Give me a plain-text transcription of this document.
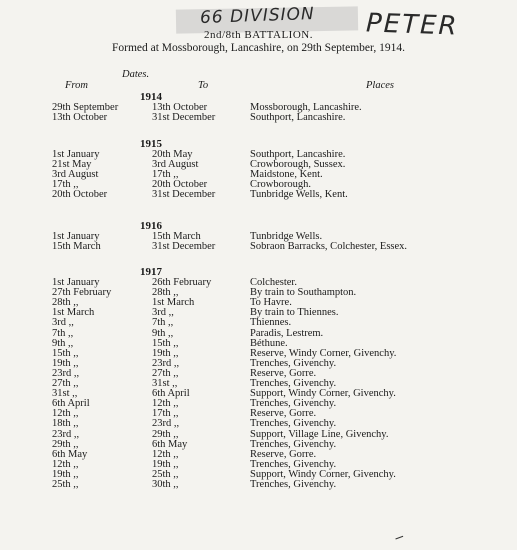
66 DIVISION PETER
2nd/8th BATTALION.
Formed at Mossborough, Lancashire, on 29th September, 1914.
Dates.
From	To	Places
1914
29th September	13th October	Mossborough, Lancashire.
13th October	31st December	Southport, Lancashire.
1915
1st January	20th May	Southport, Lancashire.
21st May	3rd August	Crowborough, Sussex.
3rd August	17th ,,	Maidstone, Kent.
17th ,,	20th October	Crowborough.
20th October	31st December	Tunbridge Wells, Kent.
1916
1st January	15th March	Tunbridge Wells.
15th March	31st December	Sobraon Barracks, Colchester, Essex.
1917
1st January	26th February	Colchester.
27th February	28th ,,	By train to Southampton.
28th ,,	1st March	To Havre.
1st March	3rd ,,	By train to Thiennes.
3rd ,,	7th ,,	Thiennes.
7th ,,	9th ,,	Paradis, Lestrem.
9th ,,	15th ,,	Béthune.
15th ,,	19th ,,	Reserve, Windy Corner, Givenchy.
19th ,,	23rd ,,	Trenches, Givenchy.
23rd ,,	27th ,,	Reserve, Gorre.
27th ,,	31st ,,	Trenches, Givenchy.
31st ,,	6th April	Support, Windy Corner, Givenchy.
6th April	12th ,,	Trenches, Givenchy.
12th ,,	17th ,,	Reserve, Gorre.
18th ,,	23rd ,,	Trenches, Givenchy.
23rd ,,	29th ,,	Support, Village Line, Givenchy.
29th ,,	6th May	Trenches, Givenchy.
6th May	12th ,,	Reserve, Gorre.
12th ,,	19th ,,	Trenches, Givenchy.
19th ,,	25th ,,	Support, Windy Corner, Givenchy.
25th ,,	30th ,,	Trenches, Givenchy.
